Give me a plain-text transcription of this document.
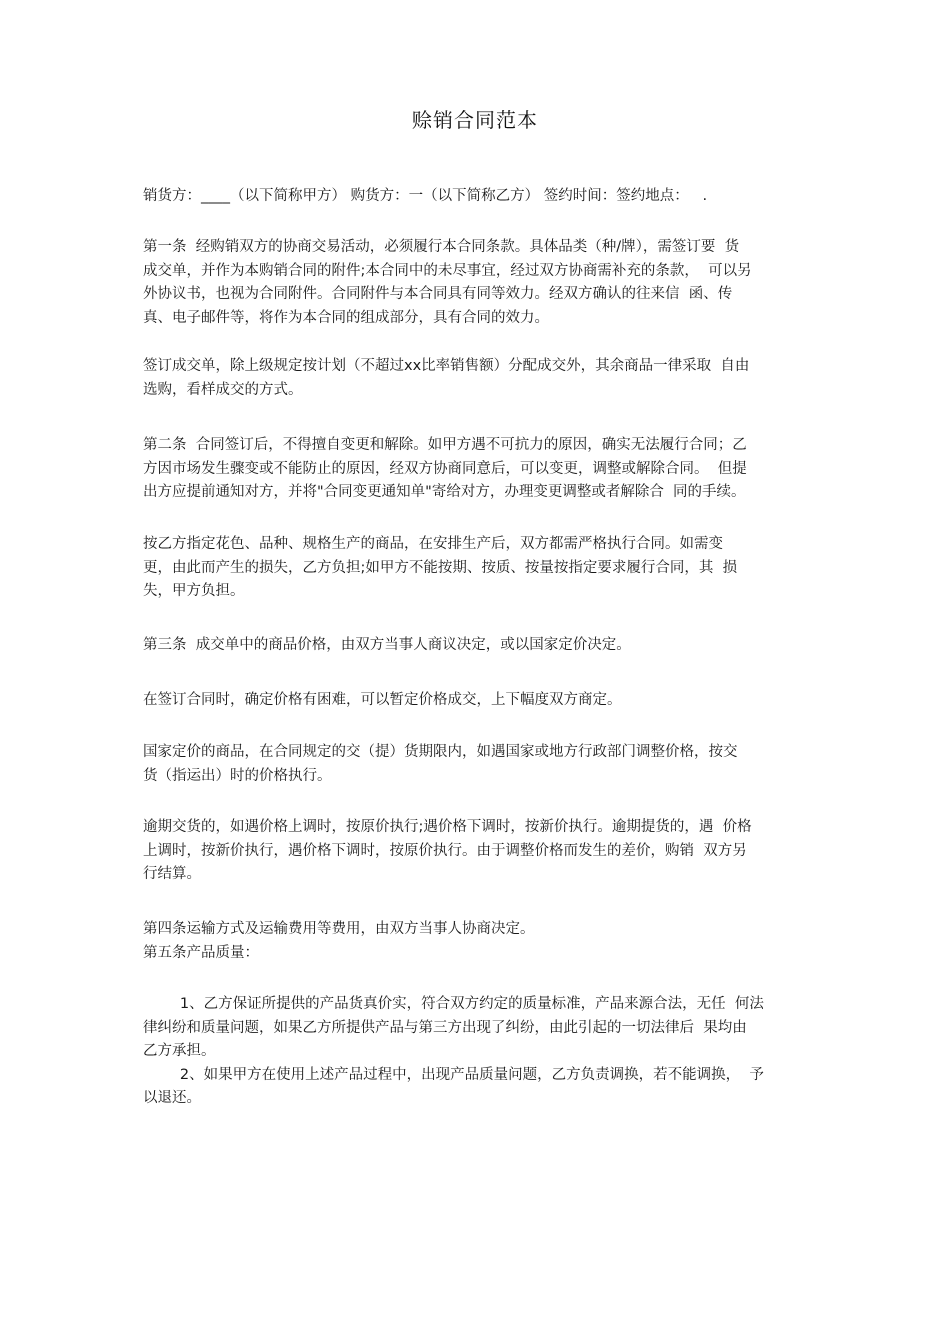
赊销合同范本
销货方：____（以下简称甲方） 购货方：一（以下简称乙方） 签约时间：签约地点：   .
第一条  经购销双方的协商交易活动，必须履行本合同条款。具体品类（种/牌），需签订要  货
成交单，并作为本购销合同的附件;本合同中的未尽事宜，经过双方协商需补充的条款，  可以另
外协议书，也视为合同附件。合同附件与本合同具有同等效力。经双方确认的往来信  函、传
真、电子邮件等，将作为本合同的组成部分，具有合同的效力。
签订成交单，除上级规定按计划（不超过xx比率销售额）分配成交外，其余商品一律采取  自由
选购，看样成交的方式。
第二条  合同签订后，不得擅自变更和解除。如甲方遇不可抗力的原因，确实无法履行合同；乙
方因市场发生骤变或不能防止的原因，经双方协商同意后，可以变更，调整或解除合同。  但提
出方应提前通知对方，并将"合同变更通知单"寄给对方，办理变更调整或者解除合  同的手续。
按乙方指定花色、品种、规格生产的商品，在安排生产后，双方都需严格执行合同。如需变
更，由此而产生的损失，乙方负担;如甲方不能按期、按质、按量按指定要求履行合同，其  损
失，甲方负担。
第三条  成交单中的商品价格，由双方当事人商议决定，或以国家定价决定。
在签订合同时，确定价格有困难，可以暂定价格成交，上下幅度双方商定。
国家定价的商品，在合同规定的交（提）货期限内，如遇国家或地方行政部门调整价格，按交
货（指运出）时的价格执行。
逾期交货的，如遇价格上调时，按原价执行;遇价格下调时，按新价执行。逾期提货的，遇  价格
上调时，按新价执行，遇价格下调时，按原价执行。由于调整价格而发生的差价，购销  双方另
行结算。
第四条运输方式及运输费用等费用，由双方当事人协商决定。
第五条产品质量：
1、乙方保证所提供的产品货真价实，符合双方约定的质量标准，产品来源合法，无任  何法
律纠纷和质量问题，如果乙方所提供产品与第三方出现了纠纷，由此引起的一切法律后  果均由
乙方承担。
2、如果甲方在使用上述产品过程中，出现产品质量问题，乙方负责调换，若不能调换，  予
以退还。
